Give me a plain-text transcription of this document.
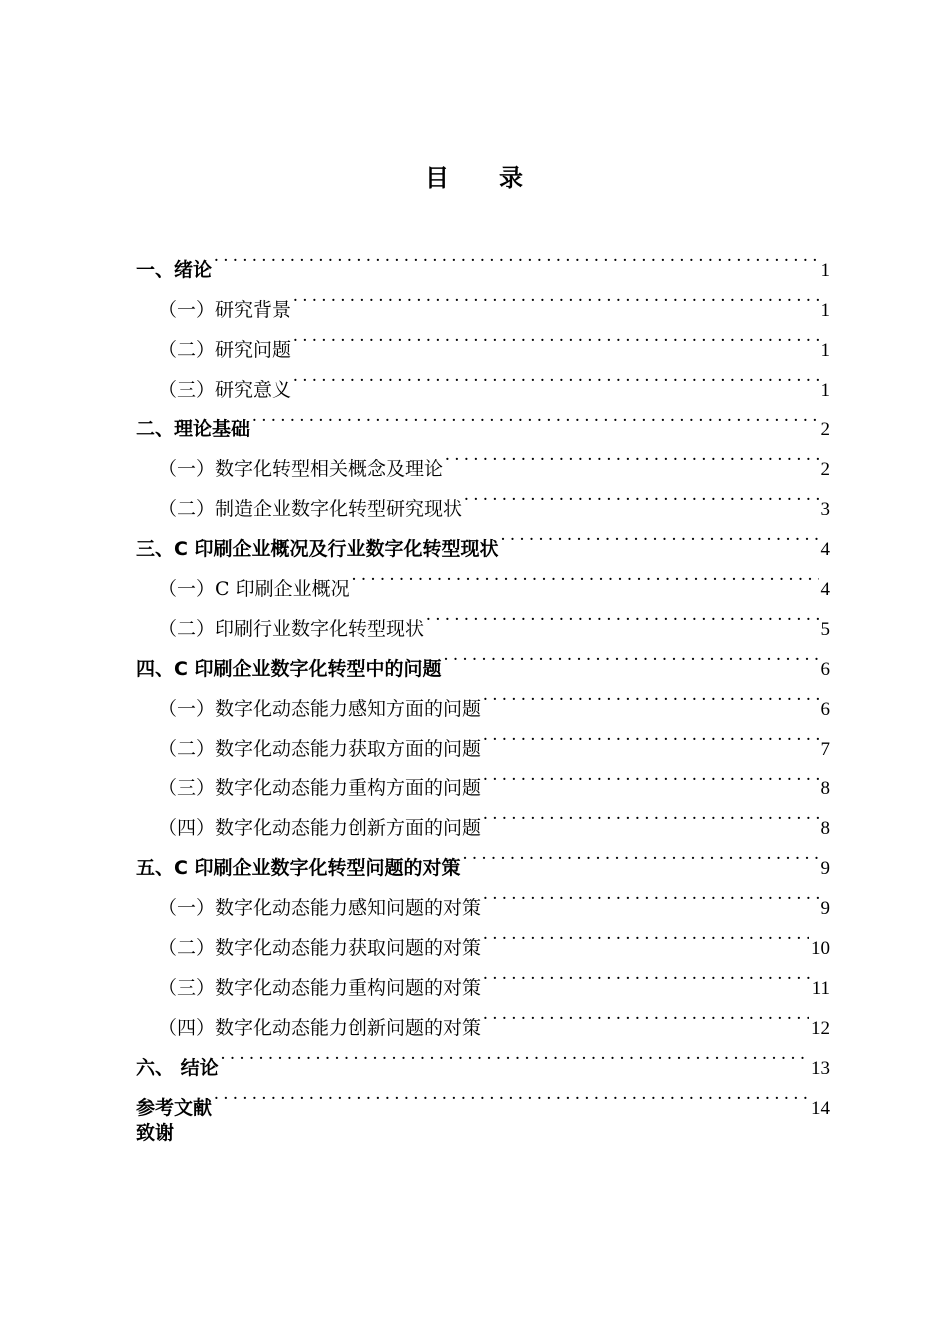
目 录
一、绪论 . . .	1
（一）研究背景 . . .	1
（二）研究问题 . . .	1
（三）研究意义 . . .	1
二、理论基础 . . .	2
（一）数字化转型相关概念及理论 . . .	2
（二）制造企业数字化转型研究现状 . . .	3
三、C 印刷企业概况及行业数字化转型现状 . . .	4
（一）C 印刷企业概况 . . .	4
（二）印刷行业数字化转型现状 . . .	5
四、C 印刷企业数字化转型中的问题 . . .	6
（一）数字化动态能力感知方面的问题 . . .	6
（二）数字化动态能力获取方面的问题 . . .	7
（三）数字化动态能力重构方面的问题 . . .	8
（四）数字化动态能力创新方面的问题 . . .	8
五、C 印刷企业数字化转型问题的对策 . . .	9
（一）数字化动态能力感知问题的对策 . . .	9
（二）数字化动态能力获取问题的对策 . . .	10
（三）数字化动态能力重构问题的对策 . . .	11
（四）数字化动态能力创新问题的对策 . . .	12
六、 结论 . . .	13
参考文献 . . .	14
致谢
